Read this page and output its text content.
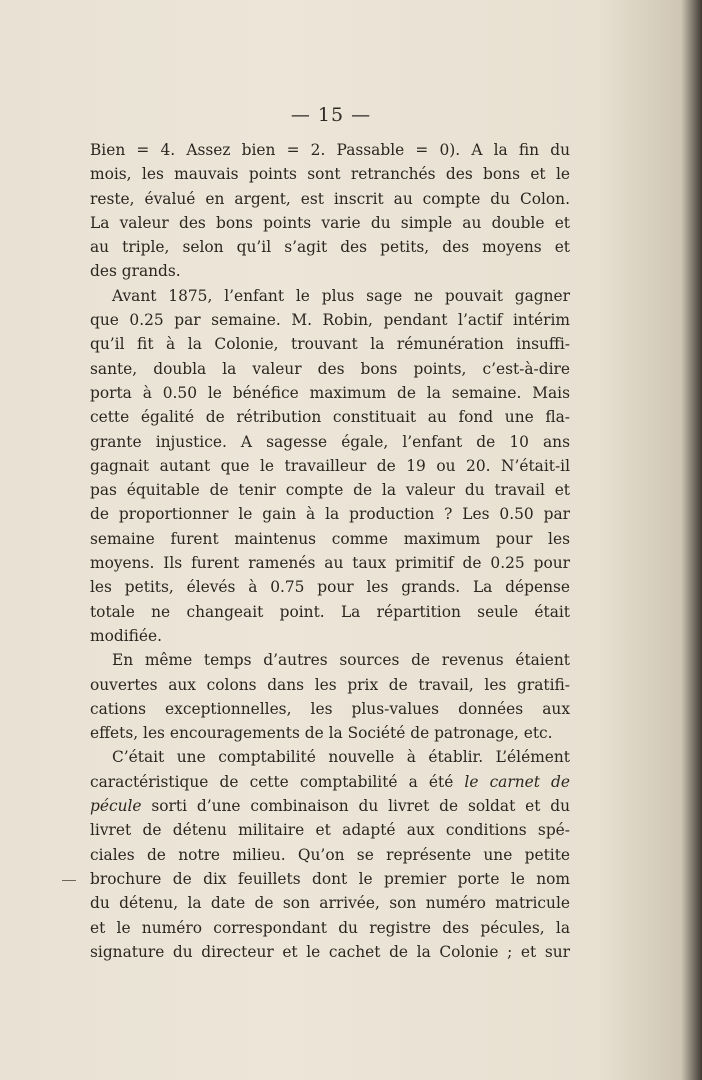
— 15 —
Bien = 4. Assez bien = 2. Passable = 0). A la fin du
mois, les mauvais points sont retranchés des bons et le
reste, évalué en argent, est inscrit au compte du Colon.
La valeur des bons points varie du simple au double et
au triple, selon qu’il s’agit des petits, des moyens et
des grands.
Avant 1875, l’enfant le plus sage ne pouvait gagner
que 0.25 par semaine. M. Robin, pendant l’actif intérim
qu’il fit à la Colonie, trouvant la rémunération insuffi-
sante, doubla la valeur des bons points, c’est-à-dire
porta à 0.50 le bénéfice maximum de la semaine. Mais
cette égalité de rétribution constituait au fond une fla-
grante injustice. A sagesse égale, l’enfant de 10 ans
gagnait autant que le travailleur de 19 ou 20. N’était-il
pas équitable de tenir compte de la valeur du travail et
de proportionner le gain à la production ? Les 0.50 par
semaine furent maintenus comme maximum pour les
moyens. Ils furent ramenés au taux primitif de 0.25 pour
les petits, élevés à 0.75 pour les grands. La dépense
totale ne changeait point. La répartition seule était
modifiée.
En même temps d’autres sources de revenus étaient
ouvertes aux colons dans les prix de travail, les gratifi-
cations exceptionnelles, les plus-values données aux
effets, les encouragements de la Société de patronage, etc.
C’était une comptabilité nouvelle à établir. L’élément
caractéristique de cette comptabilité a été le carnet de
pécule sorti d’une combinaison du livret de soldat et du
livret de détenu militaire et adapté aux conditions spé-
ciales de notre milieu. Qu’on se représente une petite
brochure de dix feuillets dont le premier porte le nom
du détenu, la date de son arrivée, son numéro matricule
et le numéro correspondant du registre des pécules, la
signature du directeur et le cachet de la Colonie ; et sur
